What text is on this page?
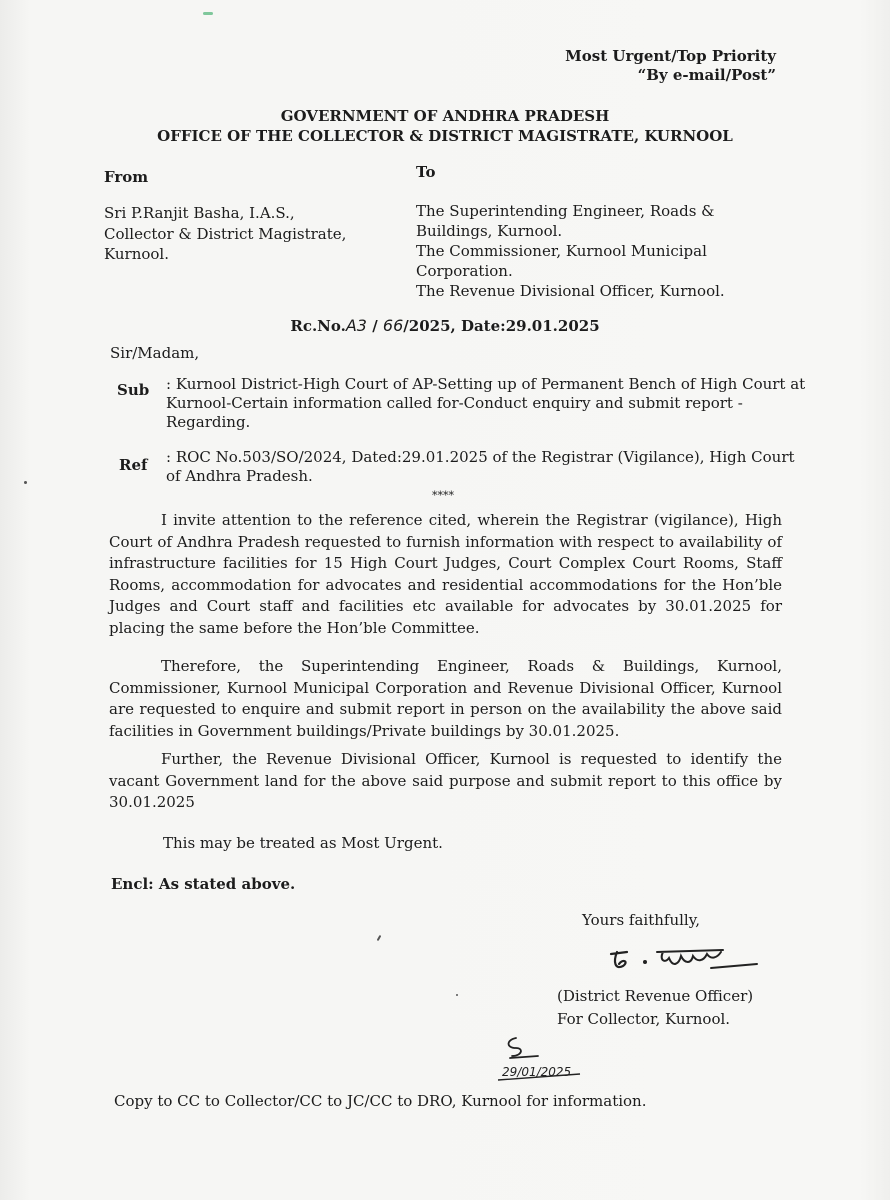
Most Urgent/Top Priority
“By e-mail/Post”
GOVERNMENT OF ANDHRA PRADESH
OFFICE OF THE COLLECTOR & DISTRICT MAGISTRATE, KURNOOL
From	To
Sri P.Ranjit Basha, I.A.S.,
Collector & District Magistrate,
Kurnool.
The Superintending Engineer, Roads &
Buildings, Kurnool.
The Commissioner, Kurnool Municipal
Corporation.
The Revenue Divisional Officer, Kurnool.
Rc.No.A3 / 66/2025, Date:29.01.2025
Sir/Madam,
Sub : Kurnool District-High Court of AP-Setting up of Permanent Bench of High Court at Kurnool-Certain information called for-Conduct enquiry and submit report -Regarding.
Ref : ROC No.503/SO/2024, Dated:29.01.2025 of the Registrar (Vigilance), High Court of Andhra Pradesh.
****
I invite attention to the reference cited, wherein the Registrar (vigilance), High Court of Andhra Pradesh requested to furnish information with respect to availability of infrastructure facilities for 15 High Court Judges, Court Complex Court Rooms, Staff Rooms, accommodation for advocates and residential accommodations for the Hon’ble Judges and Court staff and facilities etc available for advocates by 30.01.2025 for placing the same before the Hon’ble Committee.
Therefore, the Superintending Engineer, Roads & Buildings, Kurnool, Commissioner, Kurnool Municipal Corporation and Revenue Divisional Officer, Kurnool are requested to enquire and submit report in person on the availability the above said facilities in Government buildings/Private buildings by 30.01.2025.
Further, the Revenue Divisional Officer, Kurnool is requested to identify the vacant Government land for the above said purpose and submit report to this office by 30.01.2025
This may be treated as Most Urgent.
Encl: As stated above.
Yours faithfully,
(District Revenue Officer)
For Collector, Kurnool.
29/01/2025
Copy to CC to Collector/CC to JC/CC to DRO, Kurnool for information.
